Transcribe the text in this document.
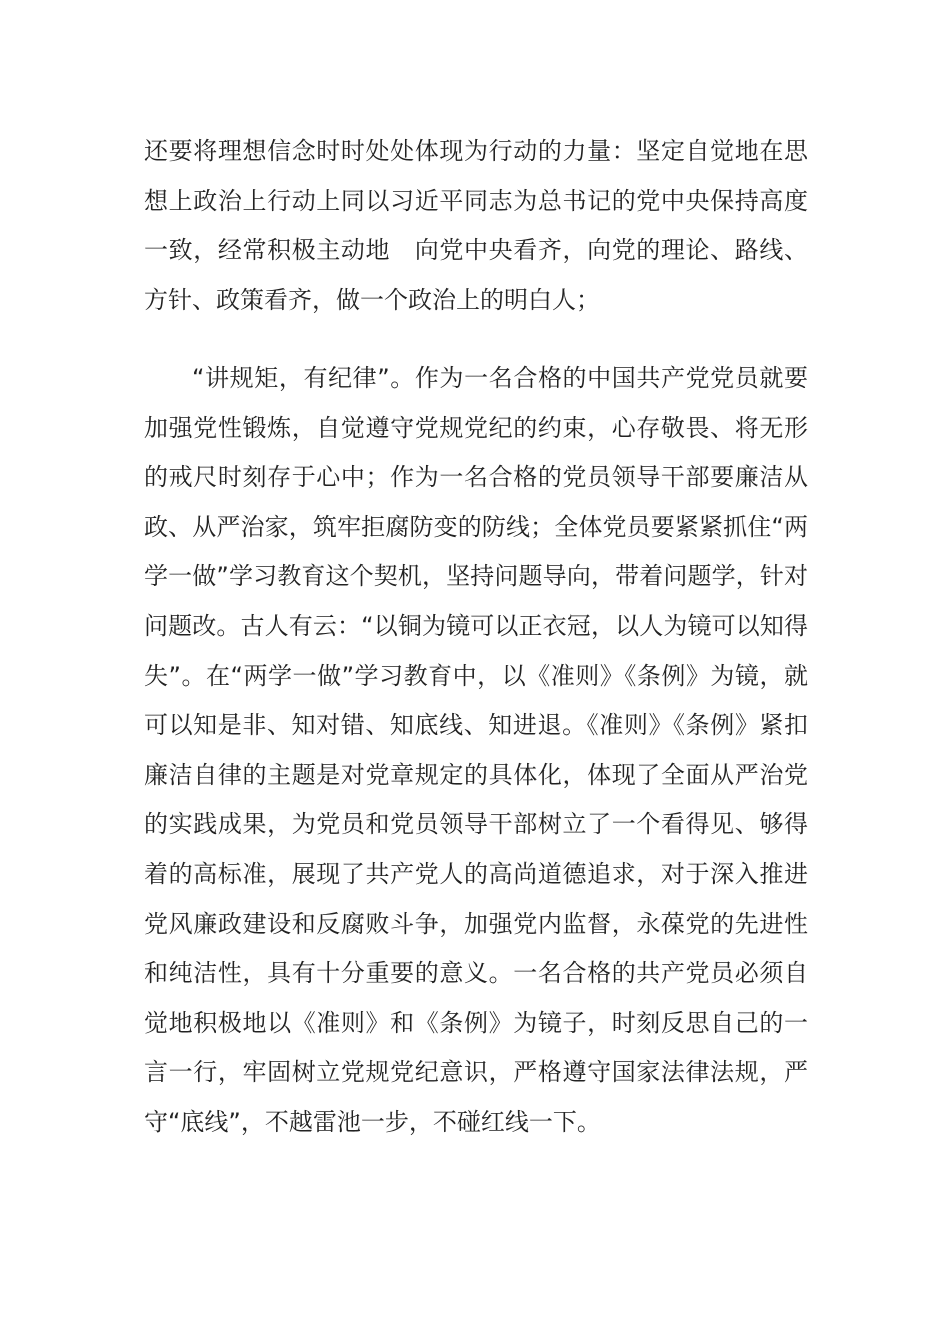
还要将理想信念时时处处体现为行动的力量：坚定自觉地在思想上政治上行动上同以习近平同志为总书记的党中央保持高度一致，经常积极主动地　向党中央看齐，向党的理论、路线、方针、政策看齐，做一个政治上的明白人；

“讲规矩，有纪律”。作为一名合格的中国共产党党员就要加强党性锻炼，自觉遵守党规党纪的约束，心存敬畏、将无形的戒尺时刻存于心中；作为一名合格的党员领导干部要廉洁从政、从严治家，筑牢拒腐防变的防线；全体党员要紧紧抓住“两学一做”学习教育这个契机，坚持问题导向，带着问题学，针对问题改。古人有云：“以铜为镜可以正衣冠，以人为镜可以知得失”。在“两学一做”学习教育中，以《准则》《条例》为镜，就可以知是非、知对错、知底线、知进退。《准则》《条例》紧扣廉洁自律的主题是对党章规定的具体化，体现了全面从严治党的实践成果，为党员和党员领导干部树立了一个看得见、够得着的高标准，展现了共产党人的高尚道德追求，对于深入推进党风廉政建设和反腐败斗争，加强党内监督，永葆党的先进性和纯洁性，具有十分重要的意义。一名合格的共产党员必须自觉地积极地以《准则》和《条例》为镜子，时刻反思自己的一言一行，牢固树立党规党纪意识，严格遵守国家法律法规，严守“底线”，不越雷池一步，不碰红线一下。
